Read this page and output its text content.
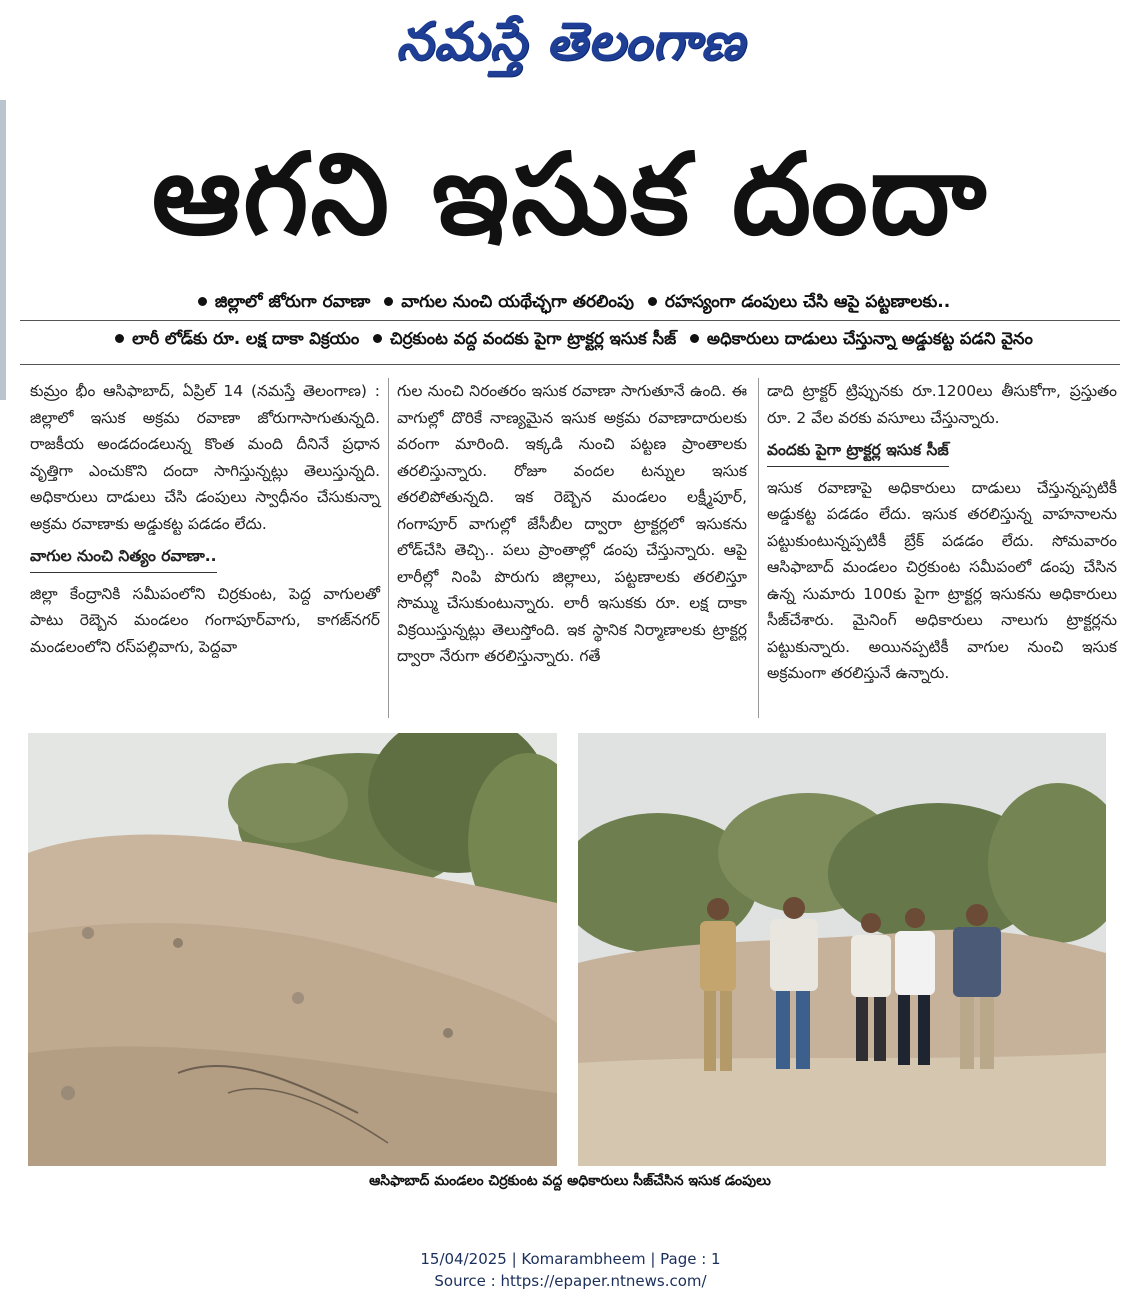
నమస్తే తెలంగాణ
ఆగని ఇసుక దందా
జిల్లాలో జోరుగా రవాణా వాగుల నుంచి యథేచ్ఛగా తరలింపు రహస్యంగా డంపులు చేసి ఆపై పట్టణాలకు..
లారీ లోడ్‌కు రూ. లక్ష దాకా విక్రయం చిర్రకుంట వద్ద వందకు పైగా ట్రాక్టర్ల ఇసుక సీజ్ అధికారులు దాడులు చేస్తున్నా అడ్డుకట్ట పడని వైనం

కుమ్రం భీం ఆసిఫాబాద్, ఏప్రిల్ 14 (నమస్తే తెలంగాణ) : జిల్లాలో ఇసుక అక్రమ రవాణా జోరుగాసాగుతున్నది. రాజకీయ అండదండలున్న కొంత మంది దీనినే ప్రధాన వృత్తిగా ఎంచుకొని దందా సాగిస్తున్నట్లు తెలుస్తున్నది. అధికారులు దాడులు చేసి డంపులు స్వాధీనం చేసుకున్నా అక్రమ రవాణాకు అడ్డుకట్ట పడడం లేదు.

వాగుల నుంచి నిత్యం రవాణా..

జిల్లా కేంద్రానికి సమీపంలోని చిర్రకుంట, పెద్ద వాగులతో పాటు రెబ్బెన మండలం గంగాపూర్‌వాగు, కాగజ్‌నగర్ మండలంలోని రస్‌పల్లివాగు, పెద్దవా

గుల నుంచి నిరంతరం ఇసుక రవాణా సాగుతూనే ఉంది. ఈ వాగుల్లో దొరికే నాణ్యమైన ఇసుక అక్రమ రవాణాదారులకు వరంగా మారింది. ఇక్కడి నుంచి పట్టణ ప్రాంతాలకు తరలిస్తున్నారు. రోజూ వందల టన్నుల ఇసుక తరలిపోతున్నది. ఇక రెబ్బెన మండలం లక్ష్మీపూర్, గంగాపూర్ వాగుల్లో జేసీబీల ద్వారా ట్రాక్టర్లలో ఇసుకను లోడ్‌చేసి తెచ్చి.. పలు ప్రాంతాల్లో డంపు చేస్తున్నారు. ఆపై లారీల్లో నింపి పొరుగు జిల్లాలు, పట్టణాలకు తరలిస్తూ సొమ్ము చేసుకుంటున్నారు. లారీ ఇసుకకు రూ. లక్ష దాకా విక్రయిస్తున్నట్లు తెలుస్తోంది. ఇక స్థానిక నిర్మాణాలకు ట్రాక్టర్ల ద్వారా నేరుగా తరలిస్తున్నారు. గతే

డాది ట్రాక్టర్ ట్రిప్పునకు రూ.1200లు తీసుకోగా, ప్రస్తుతం రూ. 2 వేల వరకు వసూలు చేస్తున్నారు.

వందకు పైగా ట్రాక్టర్ల ఇసుక సీజ్

ఇసుక రవాణాపై అధికారులు దాడులు చేస్తున్నప్పటికీ అడ్డుకట్ట పడడం లేదు. ఇసుక తరలిస్తున్న వాహనాలను పట్టుకుంటున్నప్పటికీ బ్రేక్ పడడం లేదు. సోమవారం ఆసిఫాబాద్ మండలం చిర్రకుంట సమీపంలో డంపు చేసిన ఉన్న సుమారు 100కు పైగా ట్రాక్టర్ల ఇసుకను అధికారులు సీజ్‌చేశారు. మైనింగ్ అధికారులు నాలుగు ట్రాక్టర్లను పట్టుకున్నారు. అయినప్పటికీ వాగుల నుంచి ఇసుక అక్రమంగా తరలిస్తునే ఉన్నారు.

ఆసిఫాబాద్ మండలం చిర్రకుంట వద్ద అధికారులు సీజ్‌చేసిన ఇసుక డంపులు
15/04/2025 | Komarambheem | Page : 1
Source : https://epaper.ntnews.com/
